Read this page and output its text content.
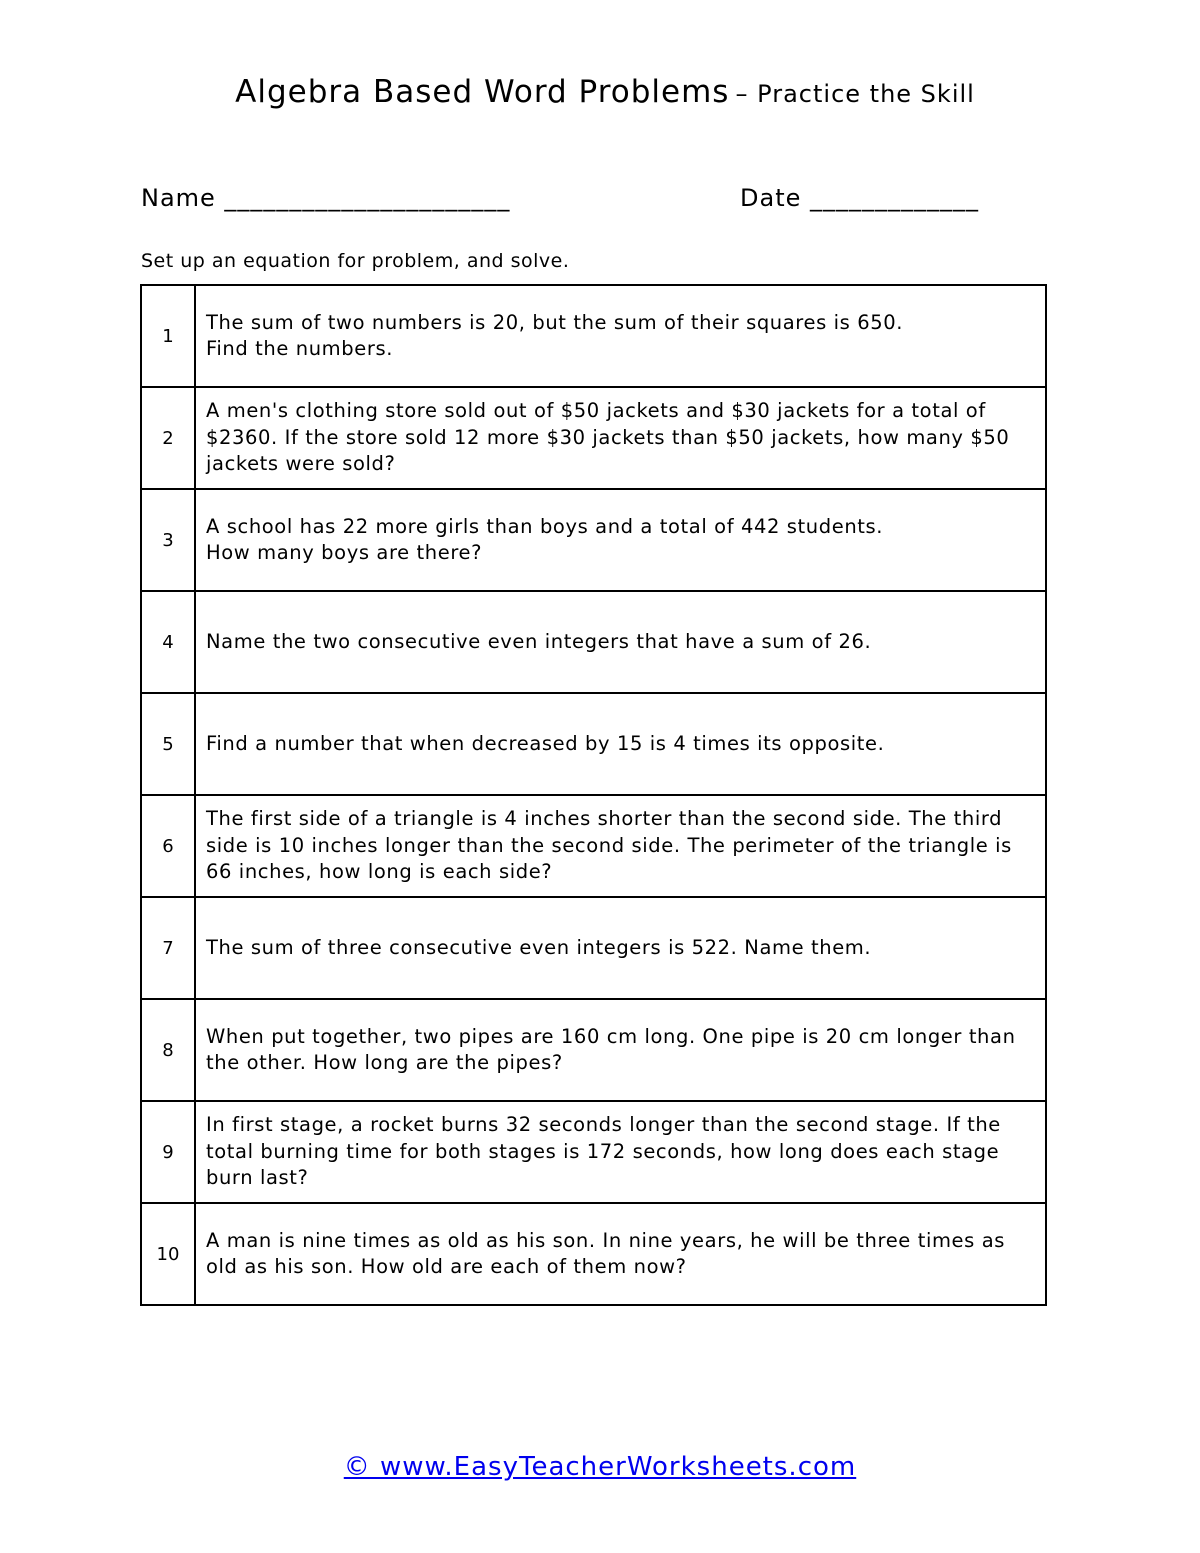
Algebra Based Word Problems – Practice the Skill
Name ______________________	Date _____________
Set up an equation for problem, and solve.
1	The sum of two numbers is 20, but the sum of their squares is 650.
Find the numbers.
2	A men's clothing store sold out of $50 jackets and $30 jackets for a total of $2360. If the store sold 12 more $30 jackets than $50 jackets, how many $50 jackets were sold?
3	A school has 22 more girls than boys and a total of 442 students.
How many boys are there?
4	Name the two consecutive even integers that have a sum of 26.
5	Find a number that when decreased by 15 is 4 times its opposite.
6	The first side of a triangle is 4 inches shorter than the second side. The third side is 10 inches longer than the second side. The perimeter of the triangle is 66 inches, how long is each side?
7	The sum of three consecutive even integers is 522. Name them.
8	When put together, two pipes are 160 cm long. One pipe is 20 cm longer than the other. How long are the pipes?
9	In first stage, a rocket burns 32 seconds longer than the second stage. If the total burning time for both stages is 172 seconds, how long does each stage burn last?
10	A man is nine times as old as his son. In nine years, he will be three times as old as his son. How old are each of them now?
© www.EasyTeacherWorksheets.com
